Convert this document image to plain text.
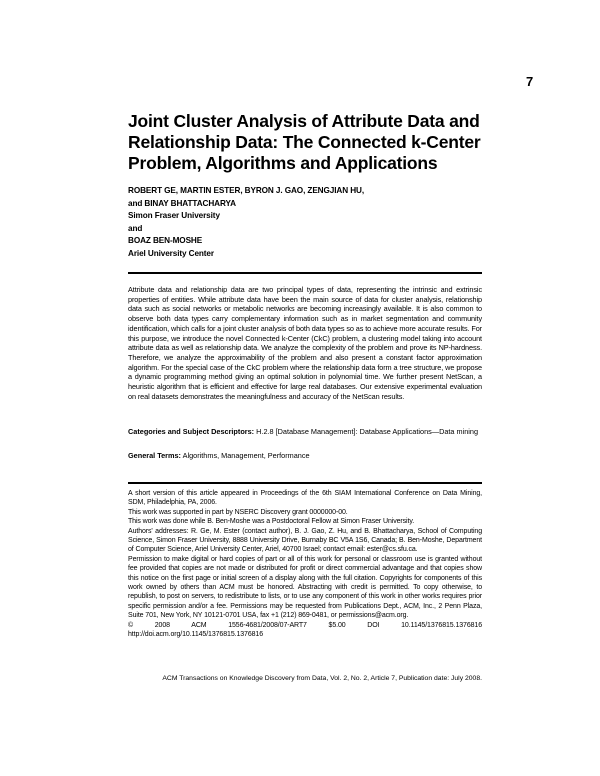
7
Joint Cluster Analysis of Attribute Data and
Relationship Data: The Connected k-Center
Problem, Algorithms and Applications
ROBERT GE, MARTIN ESTER, BYRON J. GAO, ZENGJIAN HU,
and BINAY BHATTACHARYA
Simon Fraser University
and
BOAZ BEN-MOSHE
Ariel University Center
Attribute data and relationship data are two principal types of data, representing the intrinsic and extrinsic properties of entities. While attribute data have been the main source of data for cluster analysis, relationship data such as social networks or metabolic networks are becoming increasingly available. It is also common to observe both data types carry complementary information such as in market segmentation and community identification, which calls for a joint cluster analysis of both data types so as to achieve more accurate results. For this purpose, we introduce the novel Connected k-Center (CkC) problem, a clustering model taking into account attribute data as well as relationship data. We analyze the complexity of the problem and prove its NP-hardness. Therefore, we analyze the approximability of the problem and also present a constant factor approximation algorithm. For the special case of the CkC problem where the relationship data form a tree structure, we propose a dynamic programming method giving an optimal solution in polynomial time. We further present NetScan, a heuristic algorithm that is efficient and effective for large real databases. Our extensive experimental evaluation on real datasets demonstrates the meaningfulness and accuracy of the NetScan results.
Categories and Subject Descriptors: H.2.8 [Database Management]: Database Applications—Data mining
General Terms: Algorithms, Management, Performance

A short version of this article appeared in Proceedings of the 6th SIAM International Conference on Data Mining, SDM, Philadelphia, PA, 2006.

This work was supported in part by NSERC Discovery grant 0000000-00.

This work was done while B. Ben-Moshe was a Postdoctoral Fellow at Simon Fraser University.

Authors' addresses: R. Ge, M. Ester (contact author), B. J. Gao, Z. Hu, and B. Bhattacharya, School of Computing Science, Simon Fraser University, 8888 University Drive, Burnaby BC V5A 1S6, Canada; B. Ben-Moshe, Department of Computer Science, Ariel University Center, Ariel, 40700 Israel; contact email: ester@cs.sfu.ca.

Permission to make digital or hard copies of part or all of this work for personal or classroom use is granted without fee provided that copies are not made or distributed for profit or direct commercial advantage and that copies show this notice on the first page or initial screen of a display along with the full citation. Copyrights for components of this work owned by others than ACM must be honored. Abstracting with credit is permitted. To copy otherwise, to republish, to post on servers, to redistribute to lists, or to use any component of this work in other works requires prior specific permission and/or a fee. Permissions may be requested from Publications Dept., ACM, Inc., 2 Penn Plaza, Suite 701, New York, NY 10121-0701 USA, fax +1 (212) 869-0481, or permissions@acm.org.

© 2008 ACM 1556-4681/2008/07-ART7 $5.00 DOI 10.1145/1376815.1376816 http://doi.acm.org/10.1145/1376815.1376816

ACM Transactions on Knowledge Discovery from Data, Vol. 2, No. 2, Article 7, Publication date: July 2008.
